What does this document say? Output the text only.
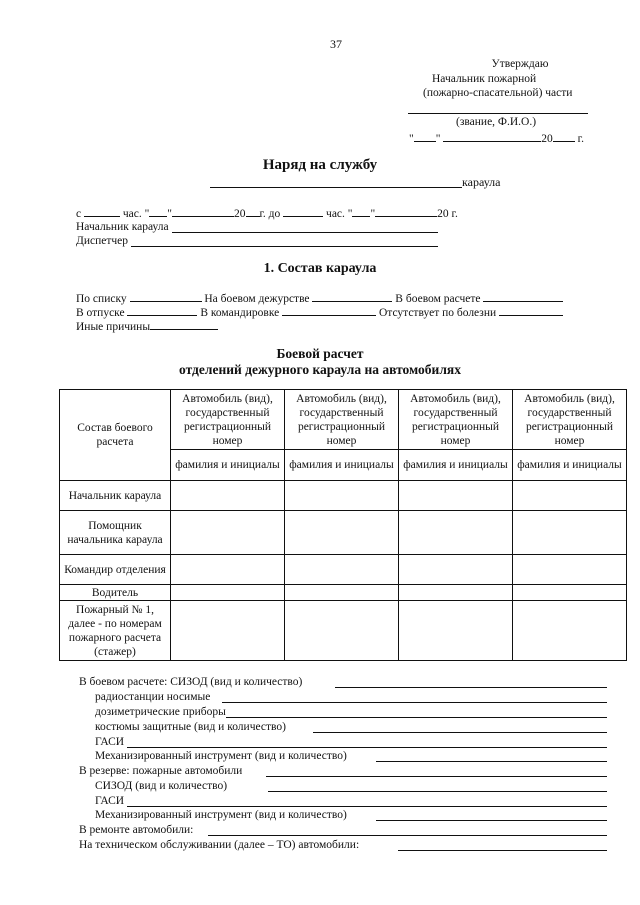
37
Утверждаю
Начальник пожарной
(пожарно-спасательной) части
(звание, Ф.И.О.)
" "	20 г.
Наряд на службу
караула
с	час. " "	20 г. до	час. " "	20 г.
Начальник караула
Диспетчер
1. Состав караула
По списку	На боевом дежурстве	В боевом расчете
В отпуске	В командировке	Отсутствует по болезни
Иные причины
Боевой расчет
отделений дежурного караула на автомобилях
Состав боевого расчета	Автомобиль (вид), государственный регистрационный номер	Автомобиль (вид), государственный регистрационный номер	Автомобиль (вид), государственный регистрационный номер	Автомобиль (вид), государственный регистрационный номер
	фамилия и инициалы	фамилия и инициалы	фамилия и инициалы	фамилия и инициалы
Начальник караула				
Помощник начальника караула				
Командир отделения				
Водитель				
Пожарный № 1, далее - по номерам пожарного расчета (стажер)				
В боевом расчете: СИЗОД (вид и количество)
радиостанции носимые
дозиметрические приборы
костюмы защитные (вид и количество)
ГАСИ
Механизированный инструмент (вид и количество)
В резерве: пожарные автомобили
СИЗОД (вид и количество)
ГАСИ
Механизированный инструмент (вид и количество)
В ремонте автомобили:
На техническом обслуживании (далее – ТО) автомобили:
